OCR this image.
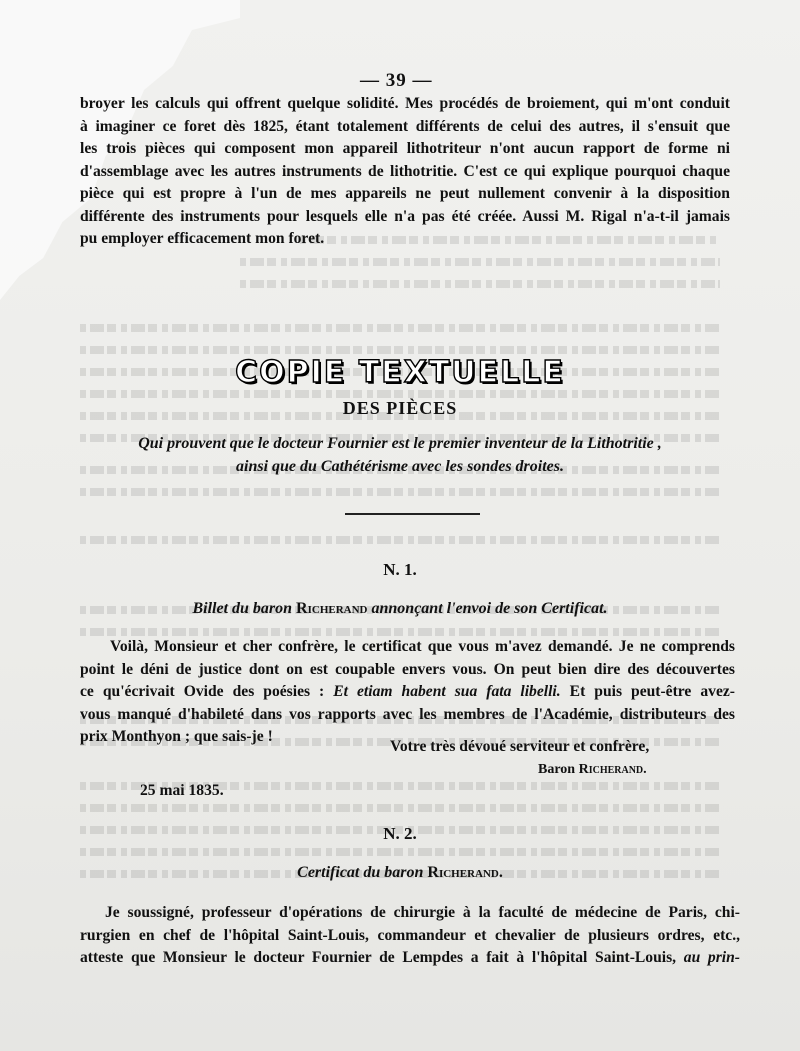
— 39 —
broyer les calculs qui offrent quelque solidité. Mes procédés de broiement, qui m'ont conduit
à imaginer ce foret dès 1825, étant totalement différents de celui des autres, il s'ensuit que
les trois pièces qui composent mon appareil lithotriteur n'ont aucun rapport de forme ni
d'assemblage avec les autres instruments de lithotritie. C'est ce qui explique pourquoi chaque
pièce qui est propre à l'un de mes appareils ne peut nullement convenir à la disposition
différente des instruments pour lesquels elle n'a pas été créée. Aussi M. Rigal n'a-t-il jamais
pu employer efficacement mon foret.
COPIE TEXTUELLE
DES PIÈCES
Qui prouvent que le docteur Fournier est le premier inventeur de la Lithotritie ,
ainsi que du Cathétérisme avec les sondes droites.
N. 1.
Billet du baron Richerand annonçant l'envoi de son Certificat.
Voilà, Monsieur et cher confrère, le certificat que vous m'avez demandé. Je ne comprends
point le déni de justice dont on est coupable envers vous. On peut bien dire des découvertes
ce qu'écrivait Ovide des poésies : Et etiam habent sua fata libelli. Et puis peut-être avez-
vous manqué d'habileté dans vos rapports avec les membres de l'Académie, distributeurs des
prix Monthyon ; que sais-je !
Votre très dévoué serviteur et confrère,
Baron Richerand.
25 mai 1835.
N. 2.
Certificat du baron Richerand.
Je soussigné, professeur d'opérations de chirurgie à la faculté de médecine de Paris, chi-
rurgien en chef de l'hôpital Saint-Louis, commandeur et chevalier de plusieurs ordres, etc.,
atteste que Monsieur le docteur Fournier de Lempdes a fait à l'hôpital Saint-Louis, au prin-
